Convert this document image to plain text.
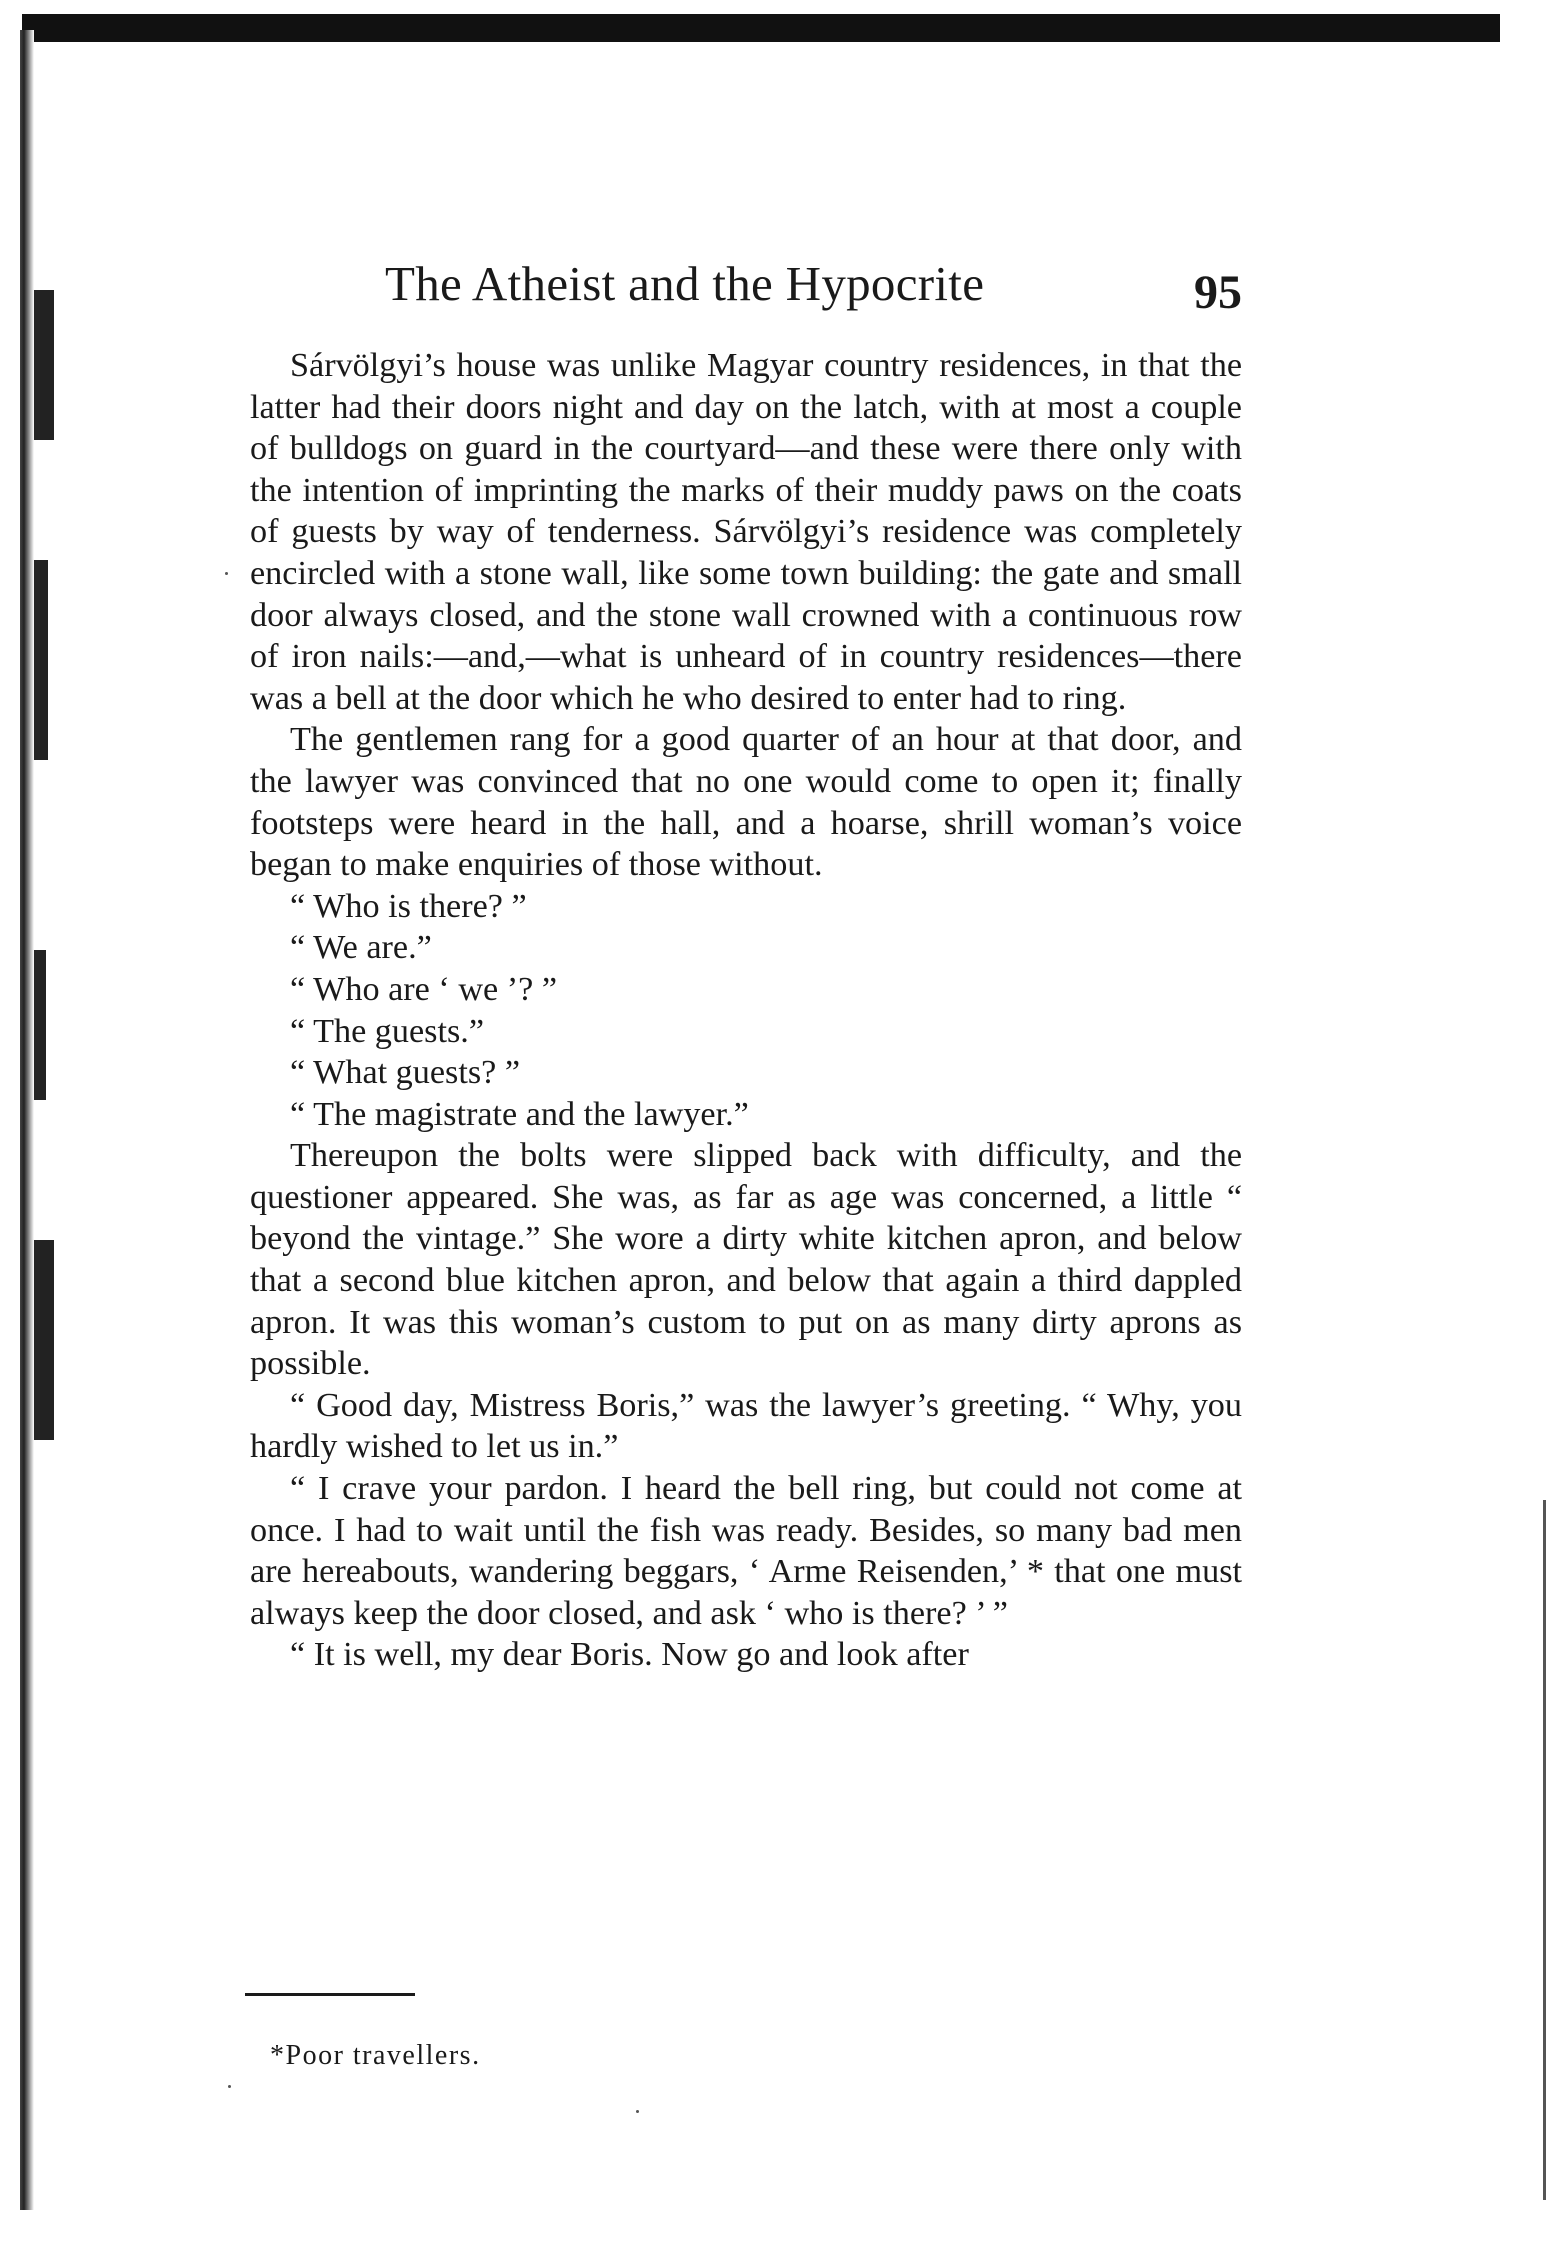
The Atheist and the Hypocrite	95

Sárvölgyi’s house was unlike Magyar country residences, in that the latter had their doors night and day on the latch, with at most a couple of bulldogs on guard in the courtyard—and these were there only with the intention of imprinting the marks of their muddy paws on the coats of guests by way of tenderness. Sárvölgyi’s residence was completely encircled with a stone wall, like some town building: the gate and small door always closed, and the stone wall crowned with a continuous row of iron nails:—and,—what is unheard of in country residences—there was a bell at the door which he who desired to enter had to ring.

The gentlemen rang for a good quarter of an hour at that door, and the lawyer was convinced that no one would come to open it; finally footsteps were heard in the hall, and a hoarse, shrill woman’s voice began to make enquiries of those without.

“ Who is there? ”

“ We are.”

“ Who are ‘ we ’? ”

“ The guests.”

“ What guests? ”

“ The magistrate and the lawyer.”

Thereupon the bolts were slipped back with difficulty, and the questioner appeared. She was, as far as age was concerned, a little “ beyond the vintage.” She wore a dirty white kitchen apron, and below that a second blue kitchen apron, and below that again a third dappled apron. It was this woman’s custom to put on as many dirty aprons as possible.

“ Good day, Mistress Boris,” was the lawyer’s greeting. “ Why, you hardly wished to let us in.”

“ I crave your pardon. I heard the bell ring, but could not come at once. I had to wait until the fish was ready. Besides, so many bad men are hereabouts, wandering beggars, ‘ Arme Reisenden,’ * that one must always keep the door closed, and ask ‘ who is there? ’ ”

“ It is well, my dear Boris. Now go and look after

*Poor travellers.
